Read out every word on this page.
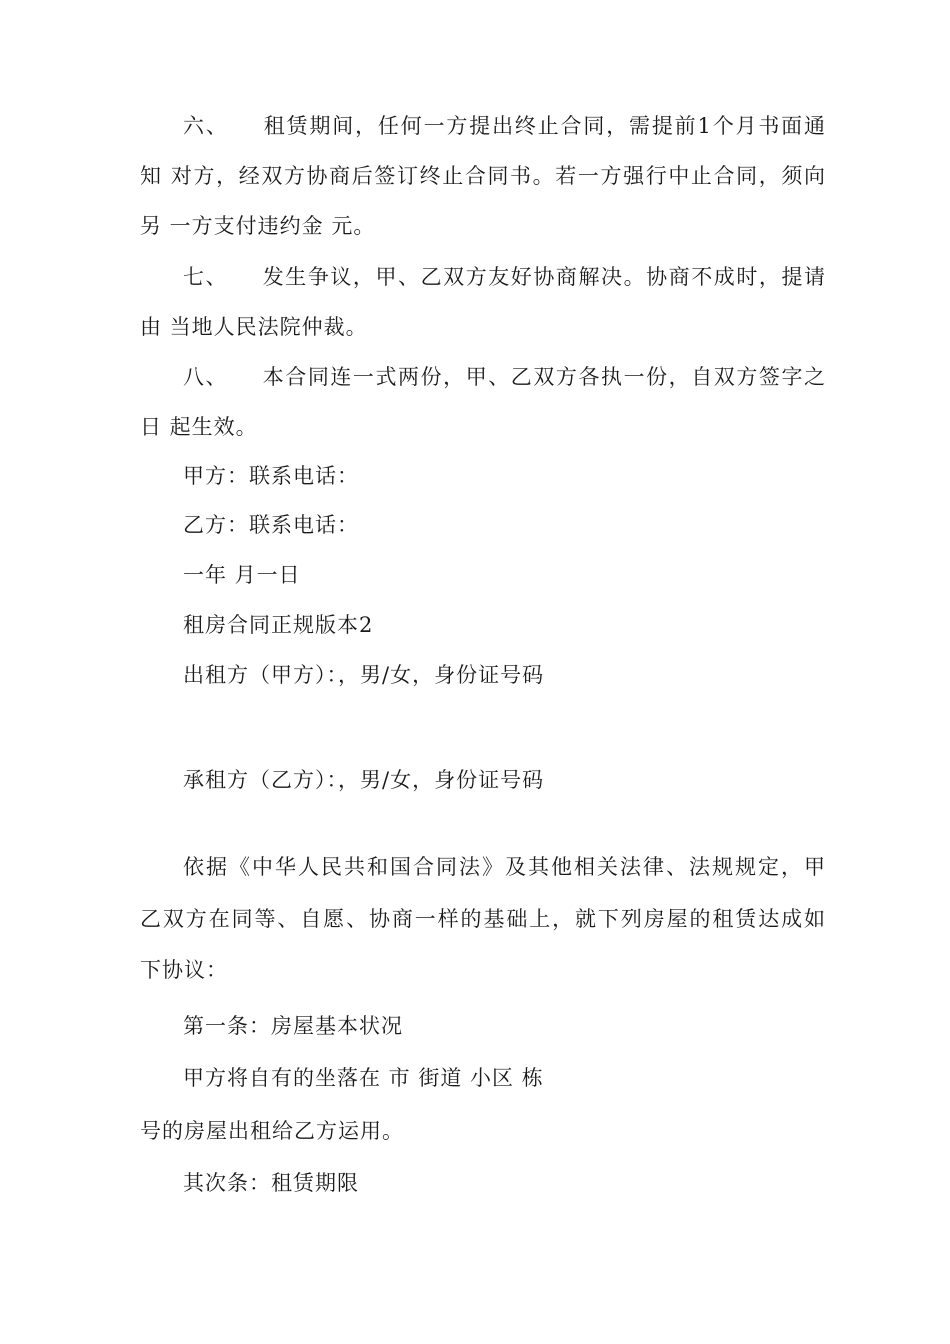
六、　　租赁期间，任何一方提出终止合同，需提前1个月书面通
知 对方，经双方协商后签订终止合同书。若一方强行中止合同，须向
另 一方支付违约金 元。
七、　　发生争议，甲、乙双方友好协商解决。协商不成时，提请
由 当地人民法院仲裁。
八、　　本合同连一式两份，甲、乙双方各执一份，自双方签字之
日 起生效。
甲方：联系电话：
乙方：联系电话：
一年 月一日
租房合同正规版本2
出租方（甲方）：，男/女，身份证号码
承租方（乙方）：，男/女，身份证号码
依据《中华人民共和国合同法》及其他相关法律、法规规定，甲
乙双方在同等、自愿、协商一样的基础上，就下列房屋的租赁达成如
下协议：
第一条：房屋基本状况
甲方将自有的坐落在 市 街道 小区 栋
号的房屋出租给乙方运用。
其次条：租赁期限
